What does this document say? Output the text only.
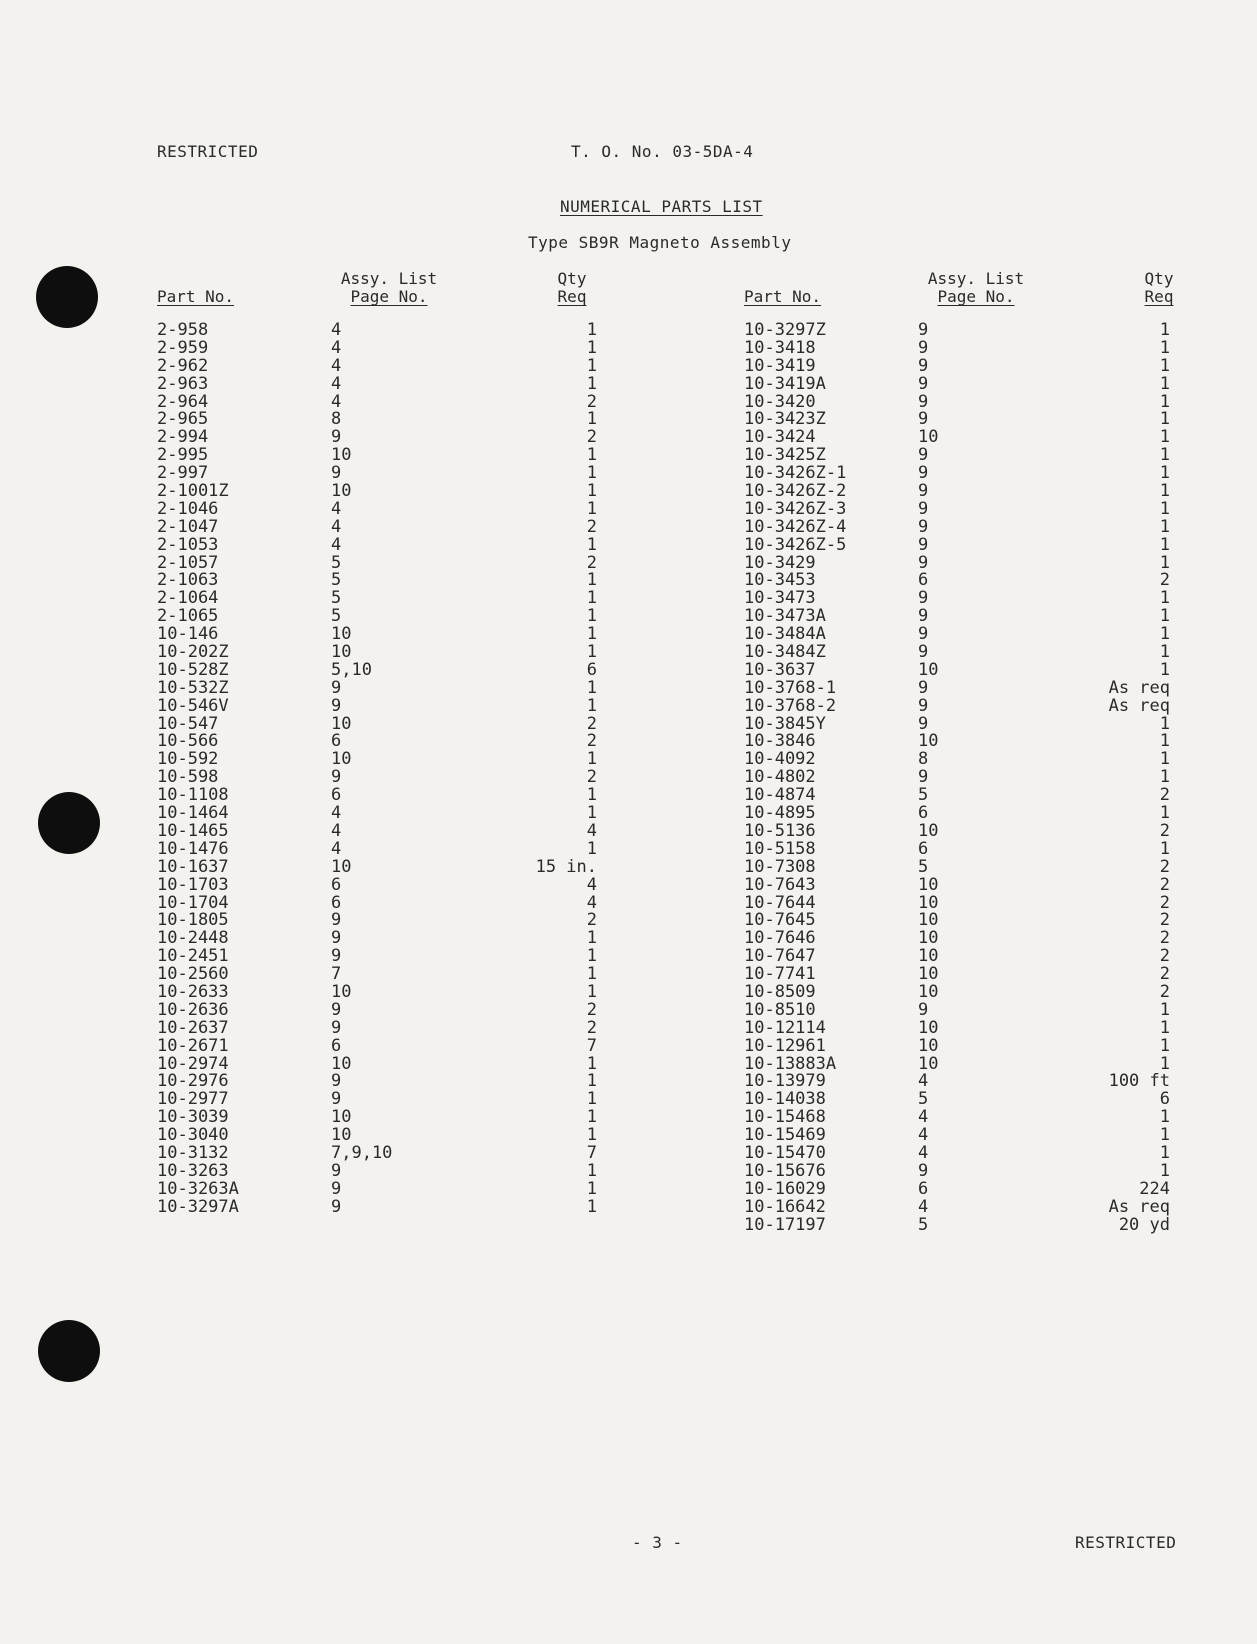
RESTRICTED	T. O. No. 03-5DA-4
NUMERICAL PARTS LIST
Type SB9R Magneto Assembly
Part No.
Assy. List
Page No.
Qty
Req
2-958	4	1
2-959	4	1
2-962	4	1
2-963	4	1
2-964	4	2
2-965	8	1
2-994	9	2
2-995	10	1
2-997	9	1
2-1001Z	10	1
2-1046	4	1
2-1047	4	2
2-1053	4	1
2-1057	5	2
2-1063	5	1
2-1064	5	1
2-1065	5	1
10-146	10	1
10-202Z	10	1
10-528Z	5,10	6
10-532Z	9	1
10-546V	9	1
10-547	10	2
10-566	6	2
10-592	10	1
10-598	9	2
10-1108	6	1
10-1464	4	1
10-1465	4	4
10-1476	4	1
10-1637	10	15 in.
10-1703	6	4
10-1704	6	4
10-1805	9	2
10-2448	9	1
10-2451	9	1
10-2560	7	1
10-2633	10	1
10-2636	9	2
10-2637	9	2
10-2671	6	7
10-2974	10	1
10-2976	9	1
10-2977	9	1
10-3039	10	1
10-3040	10	1
10-3132	7,9,10	7
10-3263	9	1
10-3263A	9	1
10-3297A	9	1
Part No.
Assy. List
Page No.
Qty
Req
10-3297Z	9	1
10-3418	9	1
10-3419	9	1
10-3419A	9	1
10-3420	9	1
10-3423Z	9	1
10-3424	10	1
10-3425Z	9	1
10-3426Z-1	9	1
10-3426Z-2	9	1
10-3426Z-3	9	1
10-3426Z-4	9	1
10-3426Z-5	9	1
10-3429	9	1
10-3453	6	2
10-3473	9	1
10-3473A	9	1
10-3484A	9	1
10-3484Z	9	1
10-3637	10	1
10-3768-1	9	As req
10-3768-2	9	As req
10-3845Y	9	1
10-3846	10	1
10-4092	8	1
10-4802	9	1
10-4874	5	2
10-4895	6	1
10-5136	10	2
10-5158	6	1
10-7308	5	2
10-7643	10	2
10-7644	10	2
10-7645	10	2
10-7646	10	2
10-7647	10	2
10-7741	10	2
10-8509	10	2
10-8510	9	1
10-12114	10	1
10-12961	10	1
10-13883A	10	1
10-13979	4	100 ft
10-14038	5	6
10-15468	4	1
10-15469	4	1
10-15470	4	1
10-15676	9	1
10-16029	6	224
10-16642	4	As req
10-17197	5	20 yd
- 3 -	RESTRICTED
